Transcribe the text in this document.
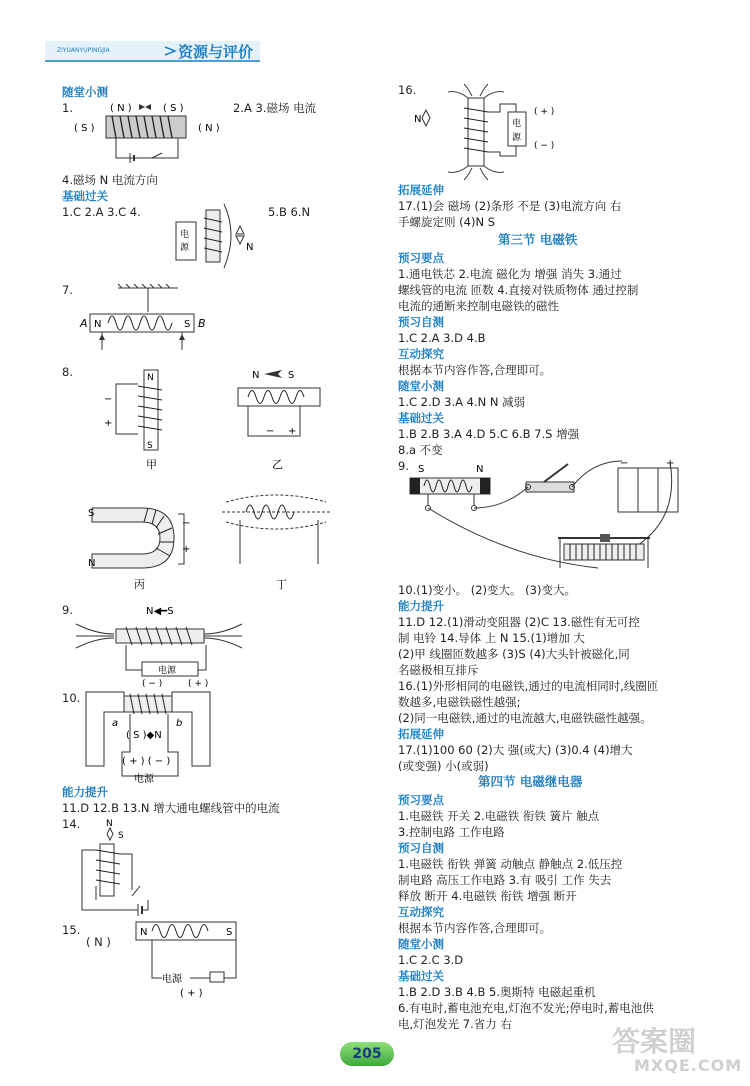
ZIYUANYUPINGJIA	资源与评价
随堂小测
1.	2.A 3.磁场 电流
( N )	( S )
( S )	( N )
4.磁场 N 电流方向
基础过关
1.C 2.A 3.C 4.	5.B 6.N
电
源	N
7.
A N	S B
8.	N
S
−
+
甲
N	S
− +
乙
S
N
−
+
丙	丁
9.	N◀━S
电源
( − )	( + )
10.
a	b
( S )◆N
( + ) ( − )
电源
能力提升
11.D 12.B 13.N 增大通电螺线管中的电流
14.	N
S
15.
( N )
N	S
电源
( + )
16.
N	电
源
( + )
( − )
拓展延伸
17.(1)会 磁场 (2)条形 不是 (3)电流方向 右
手螺旋定则 (4)N S
第三节 电磁铁
预习要点
1.通电铁芯 2.电流 磁化为 增强 消失 3.通过
螺线管的电流 匝数 4.直接对铁质物体 通过控制
电流的通断来控制电磁铁的磁性
预习自测
1.C 2.A 3.D 4.B
互动探究
根据本节内容作答,合理即可。
随堂小测
1.C 2.D 3.A 4.N N 减弱
基础过关
1.B 2.B 3.A 4.D 5.C 6.B 7.S 增强
8.a 不变
9. S	N
−	+
10.(1)变小。 (2)变大。 (3)变大。
能力提升
11.D 12.(1)滑动变阻器 (2)C 13.磁性有无可控
制 电铃 14.导体 上 N 15.(1)增加 大
(2)甲 线圈匝数越多 (3)S (4)大头针被磁化,同
名磁极相互排斥
16.(1)外形相同的电磁铁,通过的电流相同时,线圈匝
数越多,电磁铁磁性越强;
(2)同一电磁铁,通过的电流越大,电磁铁磁性越强。
拓展延伸
17.(1)100 60 (2)大 强(或大) (3)0.4 (4)增大
(或变强) 小(或弱)
第四节 电磁继电器
预习要点
1.电磁铁 开关 2.电磁铁 衔铁 簧片 触点
3.控制电路 工作电路
预习自测
1.电磁铁 衔铁 弹簧 动触点 静触点 2.低压控
制电路 高压工作电路 3.有 吸引 工作 失去
释放 断开 4.电磁铁 衔铁 增强 断开
互动探究
根据本节内容作答,合理即可。
随堂小测
1.C 2.C 3.D
基础过关
1.B 2.D 3.B 4.B 5.奥斯特 电磁起重机
6.有电时,蓄电池充电,灯泡不发光;停电时,蓄电池供
电,灯泡发光 7.省力 右
205	答案圈
MXQE.COM
